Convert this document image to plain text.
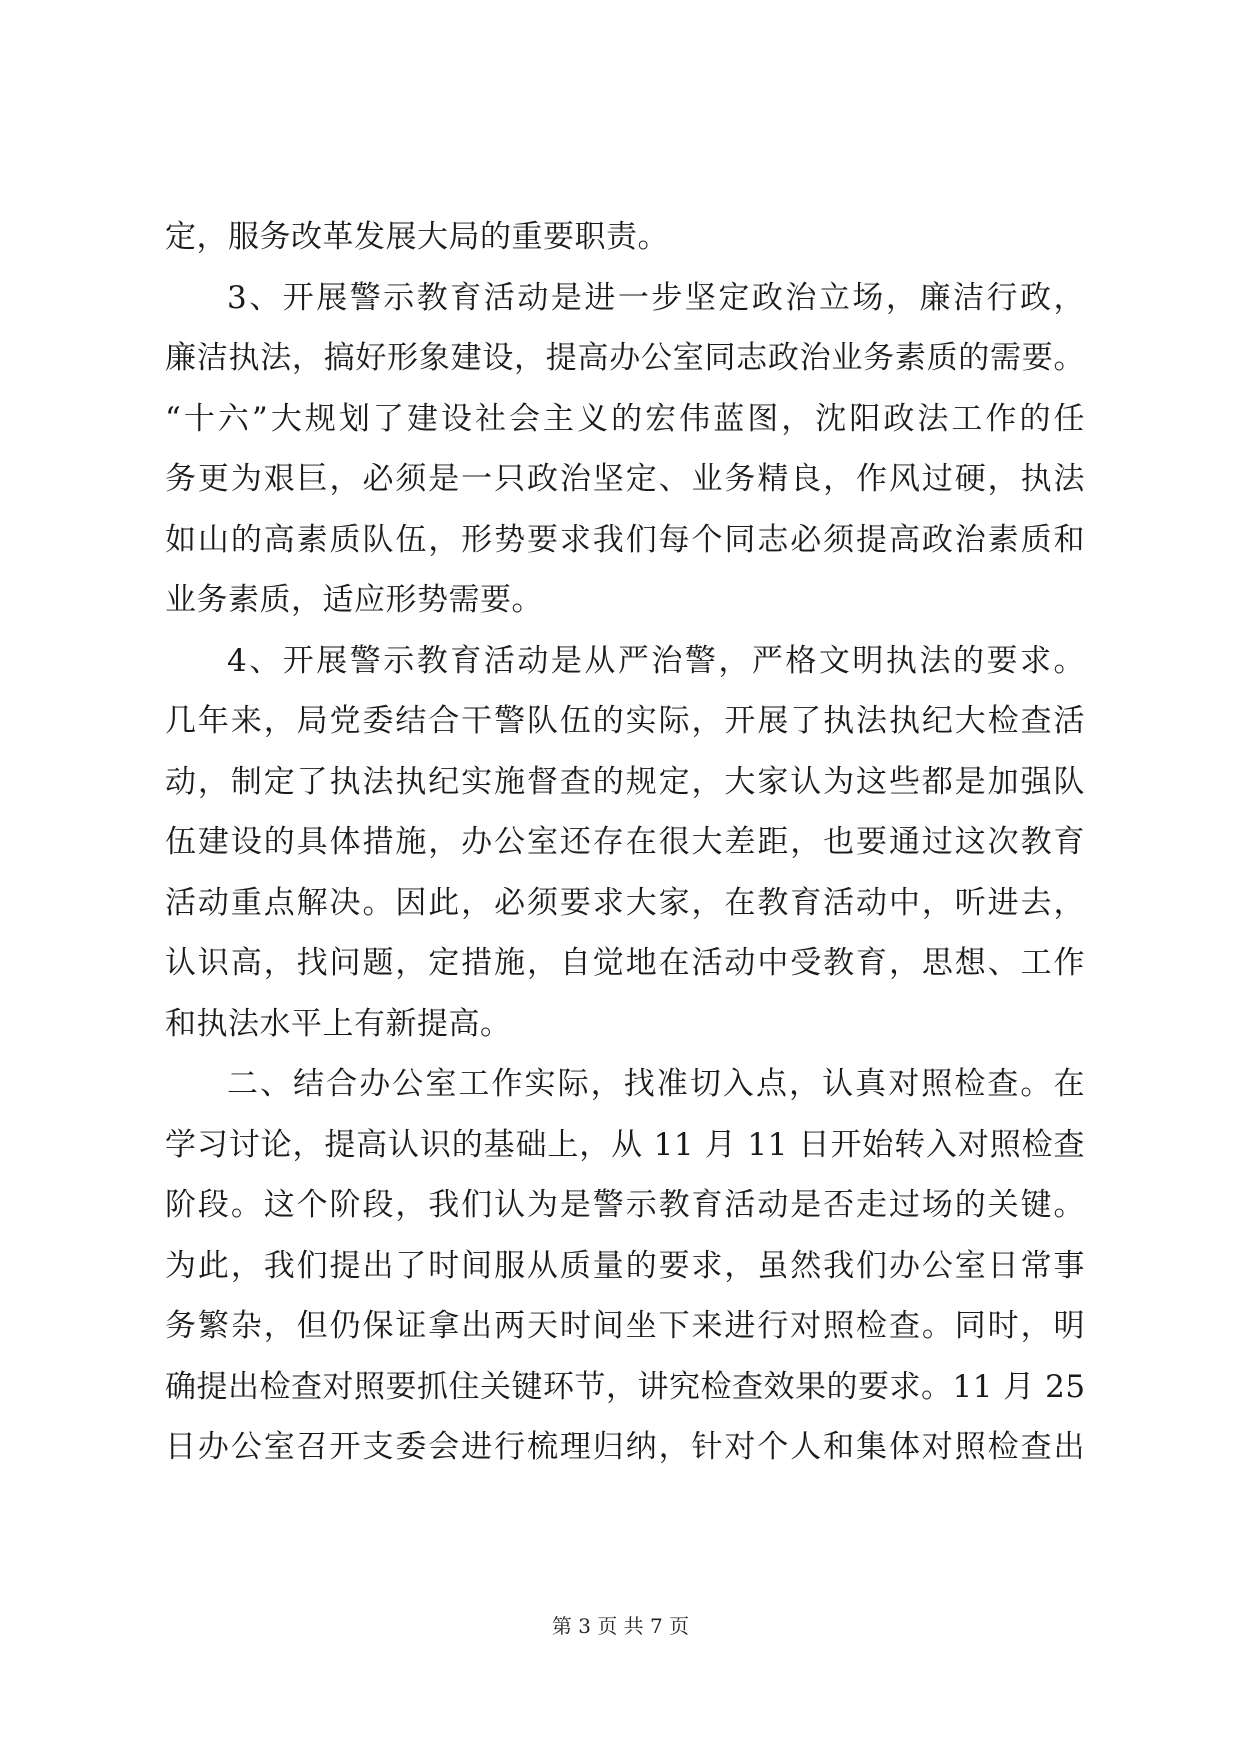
定，服务改革发展大局的重要职责。
3、开展警示教育活动是进一步坚定政治立场，廉洁行政，
廉洁执法，搞好形象建设，提高办公室同志政治业务素质的需要。
“十六”大规划了建设社会主义的宏伟蓝图，沈阳政法工作的任
务更为艰巨，必须是一只政治坚定、业务精良，作风过硬，执法
如山的高素质队伍，形势要求我们每个同志必须提高政治素质和
业务素质，适应形势需要。
4、开展警示教育活动是从严治警，严格文明执法的要求。
几年来，局党委结合干警队伍的实际，开展了执法执纪大检查活
动，制定了执法执纪实施督查的规定，大家认为这些都是加强队
伍建设的具体措施，办公室还存在很大差距，也要通过这次教育
活动重点解决。因此，必须要求大家，在教育活动中，听进去，
认识高，找问题，定措施，自觉地在活动中受教育，思想、工作
和执法水平上有新提高。
二、结合办公室工作实际，找准切入点，认真对照检查。在
学习讨论，提高认识的基础上，从 11 月 11 日开始转入对照检查
阶段。这个阶段，我们认为是警示教育活动是否走过场的关键。
为此，我们提出了时间服从质量的要求，虽然我们办公室日常事
务繁杂，但仍保证拿出两天时间坐下来进行对照检查。同时，明
确提出检查对照要抓住关键环节，讲究检查效果的要求。11 月 25
日办公室召开支委会进行梳理归纳，针对个人和集体对照检查出
第 3 页 共 7 页
